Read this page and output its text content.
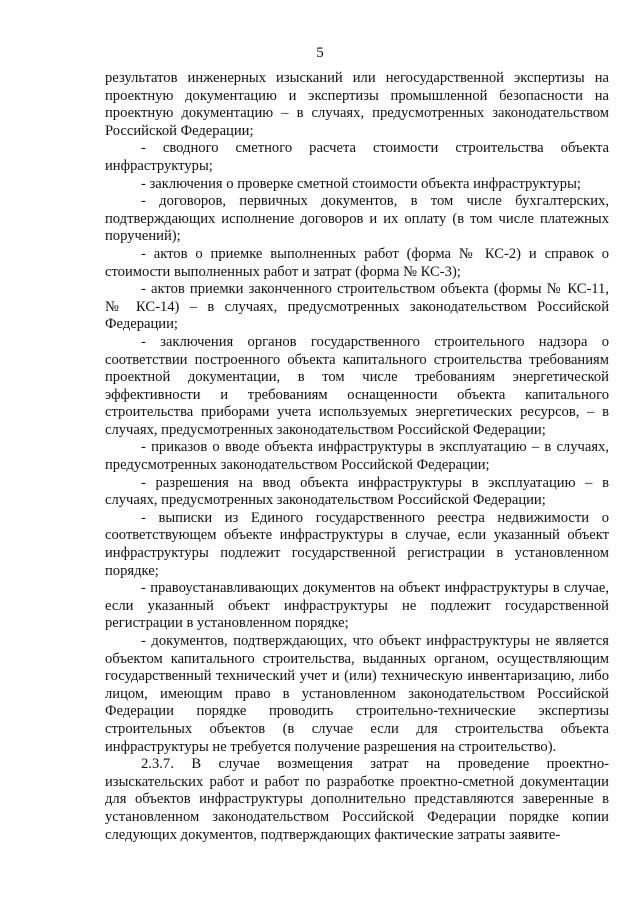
5

результатов инженерных изысканий или негосударственной экспертизы на проектную документацию и экспертизы промышленной безопасности на проектную документацию – в случаях, предусмотренных законодательством Российской Федерации;

- сводного сметного расчета стоимости строительства объекта инфраструктуры;

- заключения о проверке сметной стоимости объекта инфраструктуры;

- договоров, первичных документов, в том числе бухгалтерских, подтверждающих исполнение договоров и их оплату (в том числе платежных поручений);

- актов о приемке выполненных работ (форма № КС-2) и справок о стоимости выполненных работ и затрат (форма № КС-3);

- актов приемки законченного строительством объекта (формы № КС-11, № КС-14) – в случаях, предусмотренных законодательством Российской Федерации;

- заключения органов государственного строительного надзора о соответствии построенного объекта капитального строительства требованиям проектной документации, в том числе требованиям энергетической эффективности и требованиям оснащенности объекта капитального строительства приборами учета используемых энергетических ресурсов, – в случаях, предусмотренных законодательством Российской Федерации;

- приказов о вводе объекта инфраструктуры в эксплуатацию – в случаях, предусмотренных законодательством Российской Федерации;

- разрешения на ввод объекта инфраструктуры в эксплуатацию – в случаях, предусмотренных законодательством Российской Федерации;

- выписки из Единого государственного реестра недвижимости о соответствующем объекте инфраструктуры в случае, если указанный объект инфраструктуры подлежит государственной регистрации в установленном порядке;

- правоустанавливающих документов на объект инфраструктуры в случае, если указанный объект инфраструктуры не подлежит государственной регистрации в установленном порядке;

- документов, подтверждающих, что объект инфраструктуры не является объектом капитального строительства, выданных органом, осуществляющим государственный технический учет и (или) техническую инвентаризацию, либо лицом, имеющим право в установленном законодательством Российской Федерации порядке проводить строительно-технические экспертизы строительных объектов (в случае если для строительства объекта инфраструктуры не требуется получение разрешения на строительство).

2.3.7. В случае возмещения затрат на проведение проектно-изыскательских работ и работ по разработке проектно-сметной документации для объектов инфраструктуры дополнительно представляются заверенные в установленном законодательством Российской Федерации порядке копии следующих документов, подтверждающих фактические затраты заявите-
